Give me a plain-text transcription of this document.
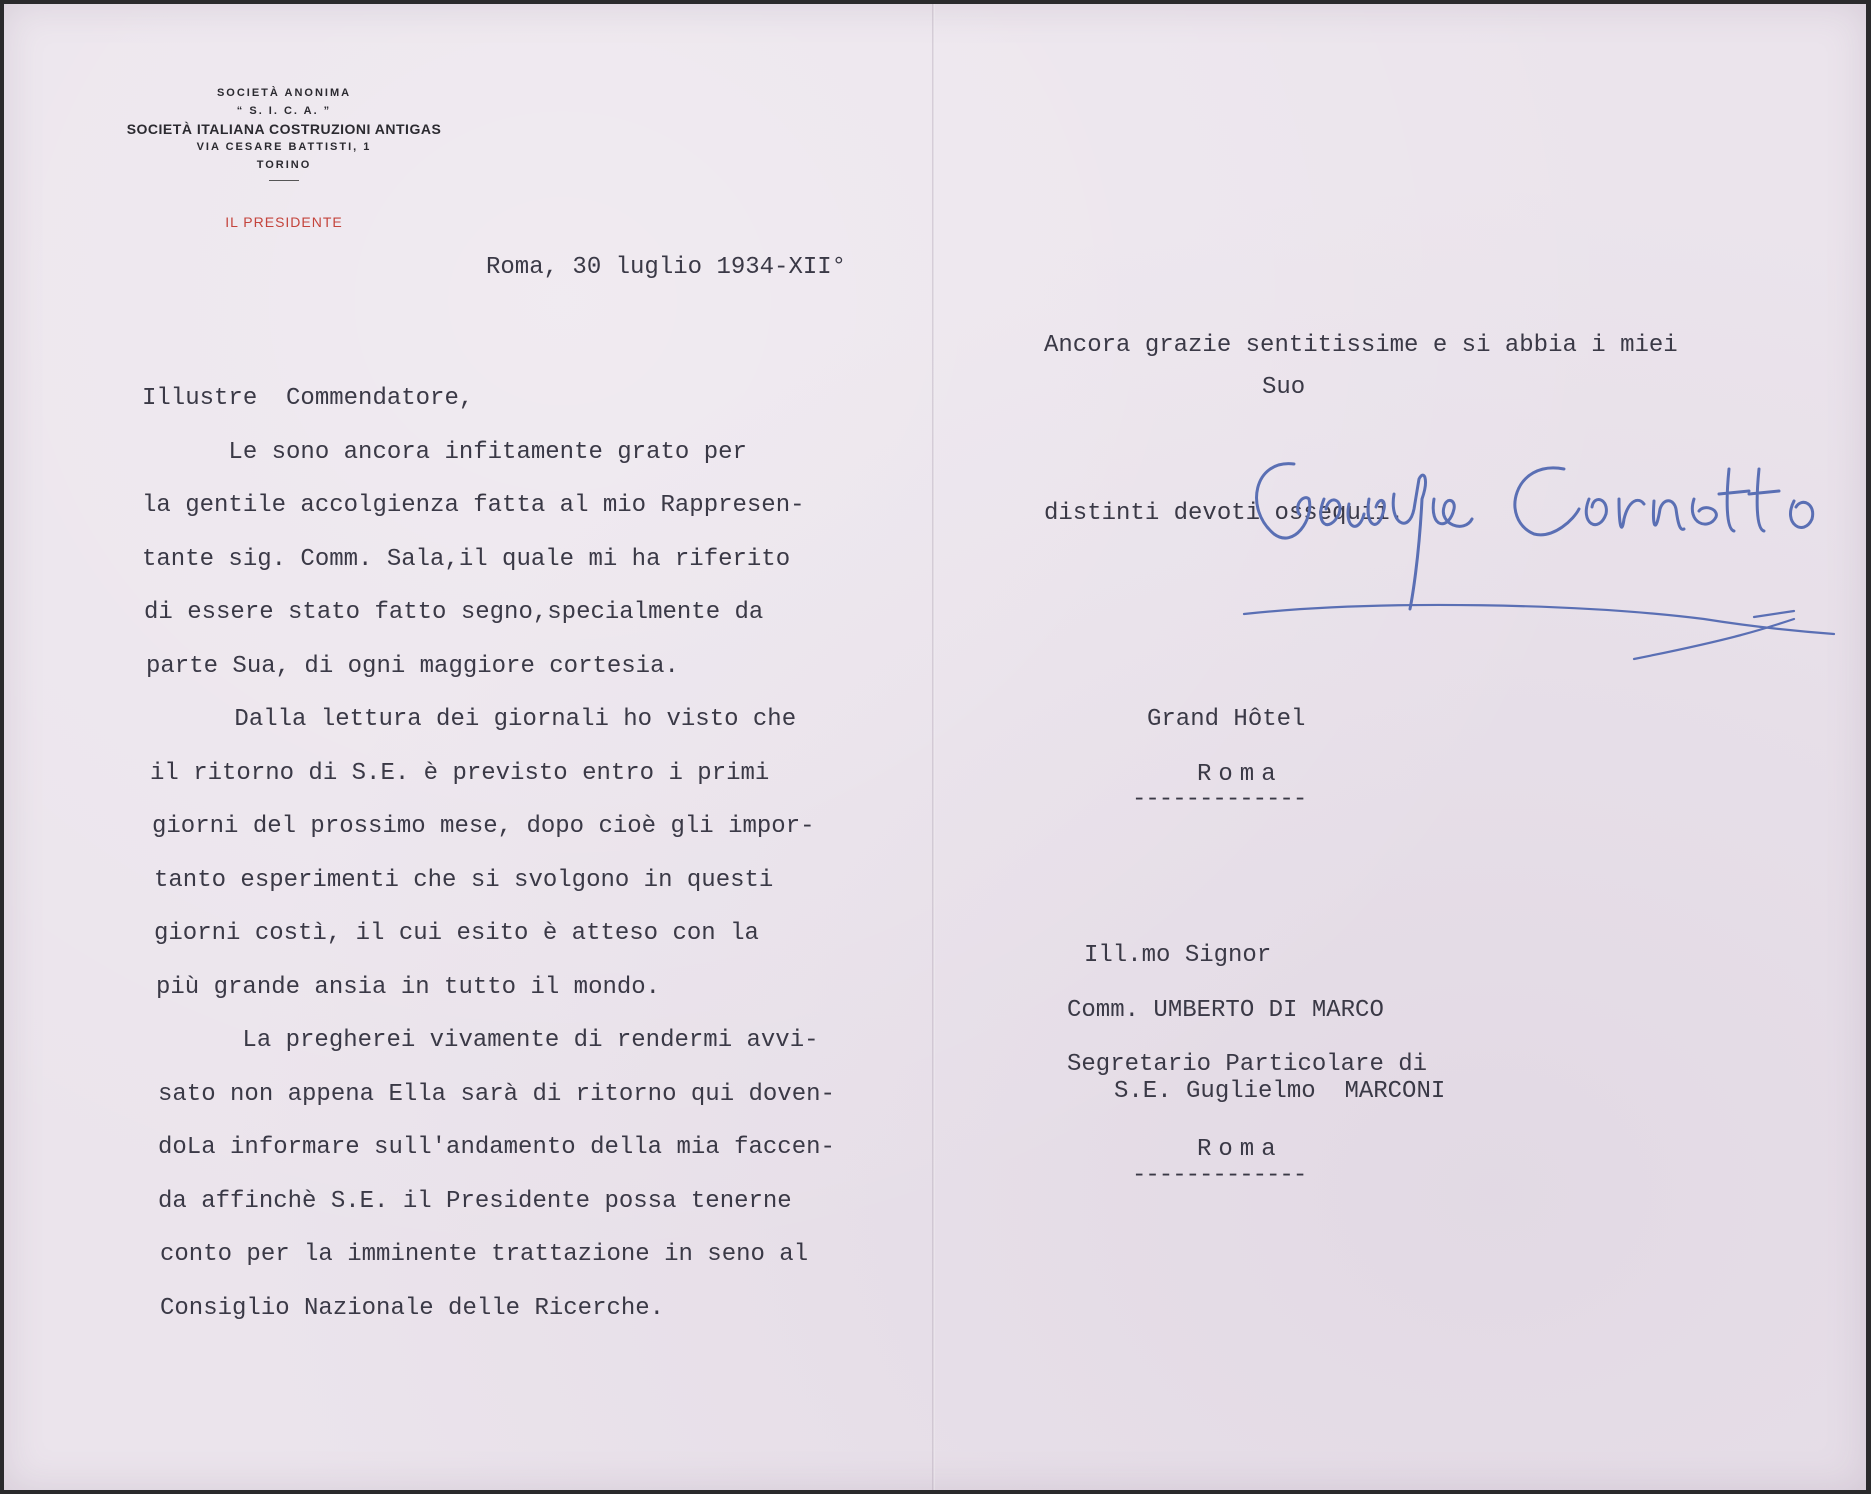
SOCIETÀ ANONIMA
“ S. I. C. A. ”
SOCIETÀ ITALIANA COSTRUZIONI ANTIGAS
VIA CESARE BATTISTI, 1
TORINO
IL PRESIDENTE

Roma, 30 luglio 1934-XII°

Illustre  Commendatore,
Le sono ancora infitamente grato per
la gentile accolgienza fatta al mio Rappresen-
tante sig. Comm. Sala,il quale mi ha riferito
di essere stato fatto segno,specialmente da
parte Sua, di ogni maggiore cortesia.
Dalla lettura dei giornali ho visto che
il ritorno di S.E. è previsto entro i primi
giorni del prossimo mese, dopo cioè gli impor-
tanto esperimenti che si svolgono in questi
giorni costì, il cui esito è atteso con la
più grande ansia in tutto il mondo.
La pregherei vivamente di rendermi avvi-
sato non appena Ella sarà di ritorno qui doven-
doLa informare sull'andamento della mia faccen-
da affinchè S.E. il Presidente possa tenerne
conto per la imminente trattazione in seno al
Consiglio Nazionale delle Ricerche.

Ancora grazie sentitissime e si abbia i miei

distinti devoti ossequii.

Suo

Grand Hôtel

Roma

-------------

Ill.mo Signor

Comm. UMBERTO DI MARCO

Segretario Particolare di

S.E. Guglielmo  MARCONI

Roma

-------------
